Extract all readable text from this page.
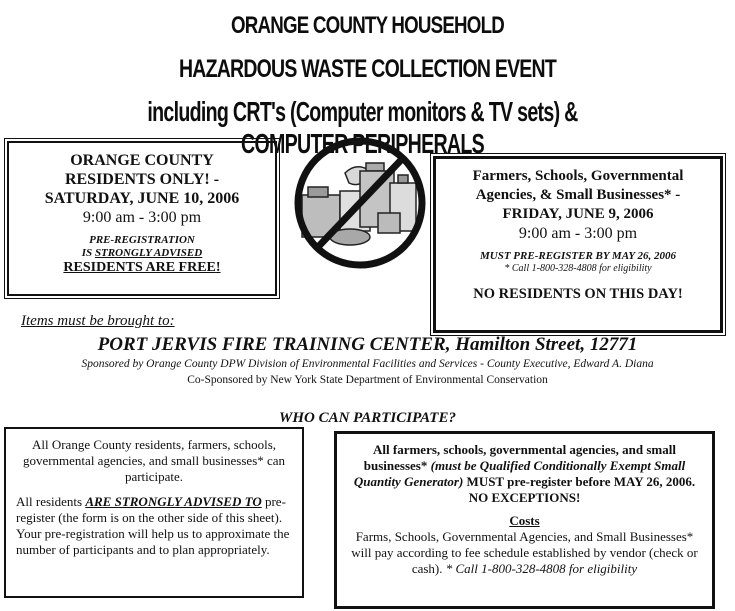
ORANGE COUNTY HOUSEHOLD
HAZARDOUS WASTE COLLECTION EVENT
including CRT's (Computer monitors & TV sets) & COMPUTER PERIPHERALS
ORANGE COUNTY
RESIDENTS ONLY! -
SATURDAY, JUNE 10, 2006
9:00 am - 3:00 pm
PRE-REGISTRATION
IS STRONGLY ADVISED
RESIDENTS ARE FREE!
Farmers, Schools, Governmental
Agencies, & Small Businesses* -
FRIDAY, JUNE 9, 2006
9:00 am - 3:00 pm
MUST PRE-REGISTER BY MAY 26, 2006
* Call 1-800-328-4808 for eligibility
NO RESIDENTS ON THIS DAY!
Items must be brought to:
PORT JERVIS FIRE TRAINING CENTER, Hamilton Street, 12771
Sponsored by Orange County DPW Division of Environmental Facilities and Services - County Executive, Edward A. Diana
Co-Sponsored by New York State Department of Environmental Conservation
WHO CAN PARTICIPATE?

All Orange County residents, farmers, schools, governmental agencies, and small businesses* can participate.

All residents ARE STRONGLY ADVISED TO pre-register (the form is on the other side of this sheet). Your pre-registration will help us to approximate the number of participants and to plan appropriately.

All farmers, schools, governmental agencies, and small businesses* (must be Qualified Conditionally Exempt Small Quantity Generator) MUST pre-register before MAY 26, 2006. NO EXCEPTIONS!

Costs

Farms, Schools, Governmental Agencies, and Small Businesses* will pay according to fee schedule established by vendor (check or cash). * Call 1-800-328-4808 for eligibility
